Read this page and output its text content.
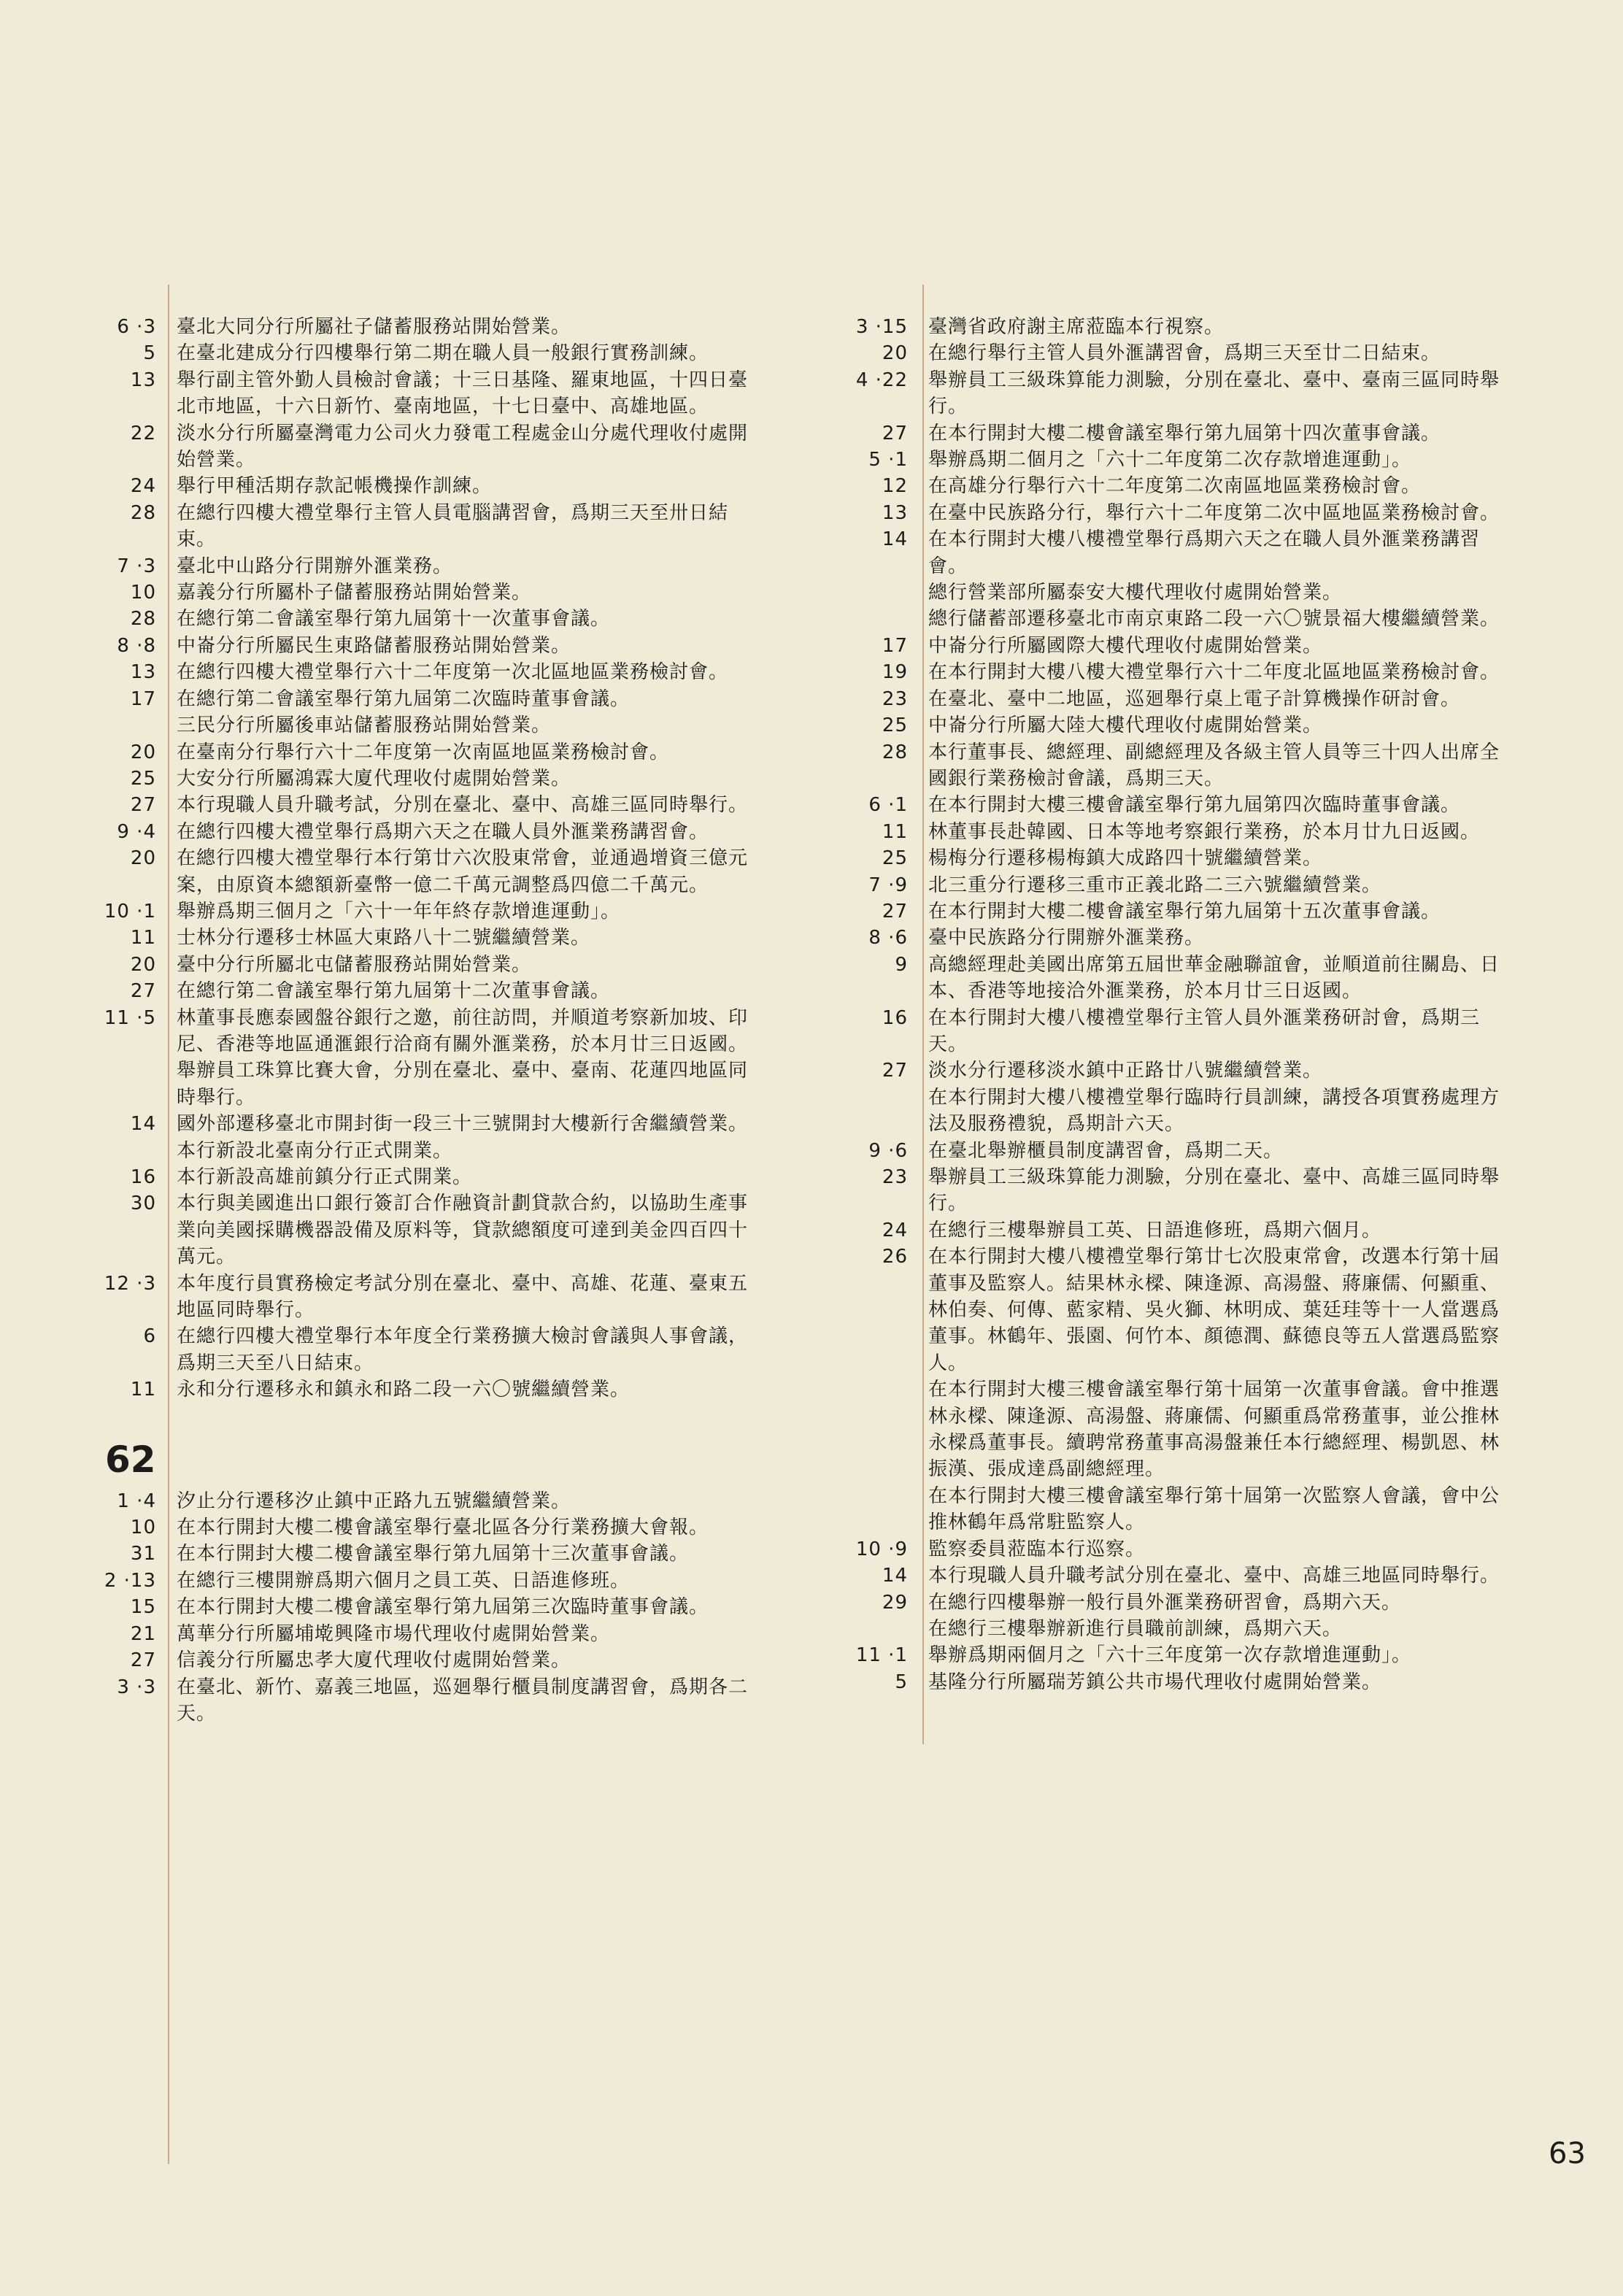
6 · 3	臺北大同分行所屬社子儲蓄服務站開始營業。
5	在臺北建成分行四樓舉行第二期在職人員一般銀行實務訓練。
13	舉行副主管外勤人員檢討會議；十三日基隆、羅東地區，十四日臺北市地區，十六日新竹、臺南地區，十七日臺中、高雄地區。
22	淡水分行所屬臺灣電力公司火力發電工程處金山分處代理收付處開始營業。
24	舉行甲種活期存款記帳機操作訓練。
28	在總行四樓大禮堂舉行主管人員電腦講習會，爲期三天至卅日結束。
7 · 3	臺北中山路分行開辦外滙業務。
10	嘉義分行所屬朴子儲蓄服務站開始營業。
28	在總行第二會議室舉行第九屆第十一次董事會議。
8 · 8	中崙分行所屬民生東路儲蓄服務站開始營業。
13	在總行四樓大禮堂舉行六十二年度第一次北區地區業務檢討會。
17	在總行第二會議室舉行第九屆第二次臨時董事會議。
三民分行所屬後車站儲蓄服務站開始營業。
20	在臺南分行舉行六十二年度第一次南區地區業務檢討會。
25	大安分行所屬鴻霖大廈代理收付處開始營業。
27	本行現職人員升職考試，分別在臺北、臺中、高雄三區同時舉行。
9 · 4	在總行四樓大禮堂舉行爲期六天之在職人員外滙業務講習會。
20	在總行四樓大禮堂舉行本行第廿六次股東常會，並通過增資三億元案，由原資本總額新臺幣一億二千萬元調整爲四億二千萬元。
10 · 1	舉辦爲期三個月之「六十一年年終存款增進運動」。
11	士林分行遷移士林區大東路八十二號繼續營業。
20	臺中分行所屬北屯儲蓄服務站開始營業。
27	在總行第二會議室舉行第九屆第十二次董事會議。
11 · 5	林董事長應泰國盤谷銀行之邀，前往訪問，并順道考察新加坡、印尼、香港等地區通滙銀行洽商有關外滙業務，於本月廿三日返國。
舉辦員工珠算比賽大會，分別在臺北、臺中、臺南、花蓮四地區同時舉行。
14	國外部遷移臺北市開封街一段三十三號開封大樓新行舍繼續營業。
本行新設北臺南分行正式開業。
16	本行新設高雄前鎮分行正式開業。
30	本行與美國進出口銀行簽訂合作融資計劃貸款合約，以協助生產事業向美國採購機器設備及原料等，貸款總額度可達到美金四百四十萬元。
12 · 3	本年度行員實務檢定考試分別在臺北、臺中、高雄、花蓮、臺東五地區同時舉行。
6	在總行四樓大禮堂舉行本年度全行業務擴大檢討會議與人事會議，爲期三天至八日結束。
11	永和分行遷移永和鎮永和路二段一六〇號繼續營業。
62
1 · 4	汐止分行遷移汐止鎮中正路九五號繼續營業。
10	在本行開封大樓二樓會議室舉行臺北區各分行業務擴大會報。
31	在本行開封大樓二樓會議室舉行第九屆第十三次董事會議。
2 · 13	在總行三樓開辦爲期六個月之員工英、日語進修班。
15	在本行開封大樓二樓會議室舉行第九屆第三次臨時董事會議。
21	萬華分行所屬埔墘興隆市場代理收付處開始營業。
27	信義分行所屬忠孝大廈代理收付處開始營業。
3 · 3	在臺北、新竹、嘉義三地區，巡廻舉行櫃員制度講習會，爲期各二天。
3 · 15	臺灣省政府謝主席蒞臨本行視察。
20	在總行舉行主管人員外滙講習會，爲期三天至廿二日結束。
4 · 22	舉辦員工三級珠算能力測驗，分別在臺北、臺中、臺南三區同時舉行。
27	在本行開封大樓二樓會議室舉行第九屆第十四次董事會議。
5 · 1	舉辦爲期二個月之「六十二年度第二次存款增進運動」。
12	在高雄分行舉行六十二年度第二次南區地區業務檢討會。
13	在臺中民族路分行，舉行六十二年度第二次中區地區業務檢討會。
14	在本行開封大樓八樓禮堂舉行爲期六天之在職人員外滙業務講習會。
總行營業部所屬泰安大樓代理收付處開始營業。
總行儲蓄部遷移臺北市南京東路二段一六〇號景福大樓繼續營業。
17	中崙分行所屬國際大樓代理收付處開始營業。
19	在本行開封大樓八樓大禮堂舉行六十二年度北區地區業務檢討會。
23	在臺北、臺中二地區，巡廻舉行桌上電子計算機操作研討會。
25	中崙分行所屬大陸大樓代理收付處開始營業。
28	本行董事長、總經理、副總經理及各級主管人員等三十四人出席全國銀行業務檢討會議，爲期三天。
6 · 1	在本行開封大樓三樓會議室舉行第九屆第四次臨時董事會議。
11	林董事長赴韓國、日本等地考察銀行業務，於本月廿九日返國。
25	楊梅分行遷移楊梅鎮大成路四十號繼續營業。
7 · 9	北三重分行遷移三重市正義北路二三六號繼續營業。
27	在本行開封大樓二樓會議室舉行第九屆第十五次董事會議。
8 · 6	臺中民族路分行開辦外滙業務。
9	高總經理赴美國出席第五屆世華金融聯誼會，並順道前往關島、日本、香港等地接洽外滙業務，於本月廿三日返國。
16	在本行開封大樓八樓禮堂舉行主管人員外滙業務研討會，爲期三天。
27	淡水分行遷移淡水鎮中正路廿八號繼續營業。
在本行開封大樓八樓禮堂舉行臨時行員訓練，講授各項實務處理方法及服務禮貌，爲期計六天。
9 · 6	在臺北舉辦櫃員制度講習會，爲期二天。
23	舉辦員工三級珠算能力測驗，分別在臺北、臺中、高雄三區同時舉行。
24	在總行三樓舉辦員工英、日語進修班，爲期六個月。
26	在本行開封大樓八樓禮堂舉行第廿七次股東常會，改選本行第十屆董事及監察人。結果林永樑、陳逢源、高湯盤、蔣廉儒、何顯重、林伯奏、何傳、藍家精、吳火獅、林明成、葉廷珪等十一人當選爲董事。林鶴年、張園、何竹本、顏德潤、蘇德良等五人當選爲監察人。
在本行開封大樓三樓會議室舉行第十屆第一次董事會議。會中推選林永樑、陳逢源、高湯盤、蔣廉儒、何顯重爲常務董事，並公推林永樑爲董事長。續聘常務董事高湯盤兼任本行總經理、楊凱恩、林振漢、張成達爲副總經理。
在本行開封大樓三樓會議室舉行第十屆第一次監察人會議，會中公推林鶴年爲常駐監察人。
10 · 9	監察委員蒞臨本行巡察。
14	本行現職人員升職考試分別在臺北、臺中、高雄三地區同時舉行。
29	在總行四樓舉辦一般行員外滙業務研習會，爲期六天。
在總行三樓舉辦新進行員職前訓練，爲期六天。
11 · 1	舉辦爲期兩個月之「六十三年度第一次存款增進運動」。
5	基隆分行所屬瑞芳鎮公共市場代理收付處開始營業。
63
